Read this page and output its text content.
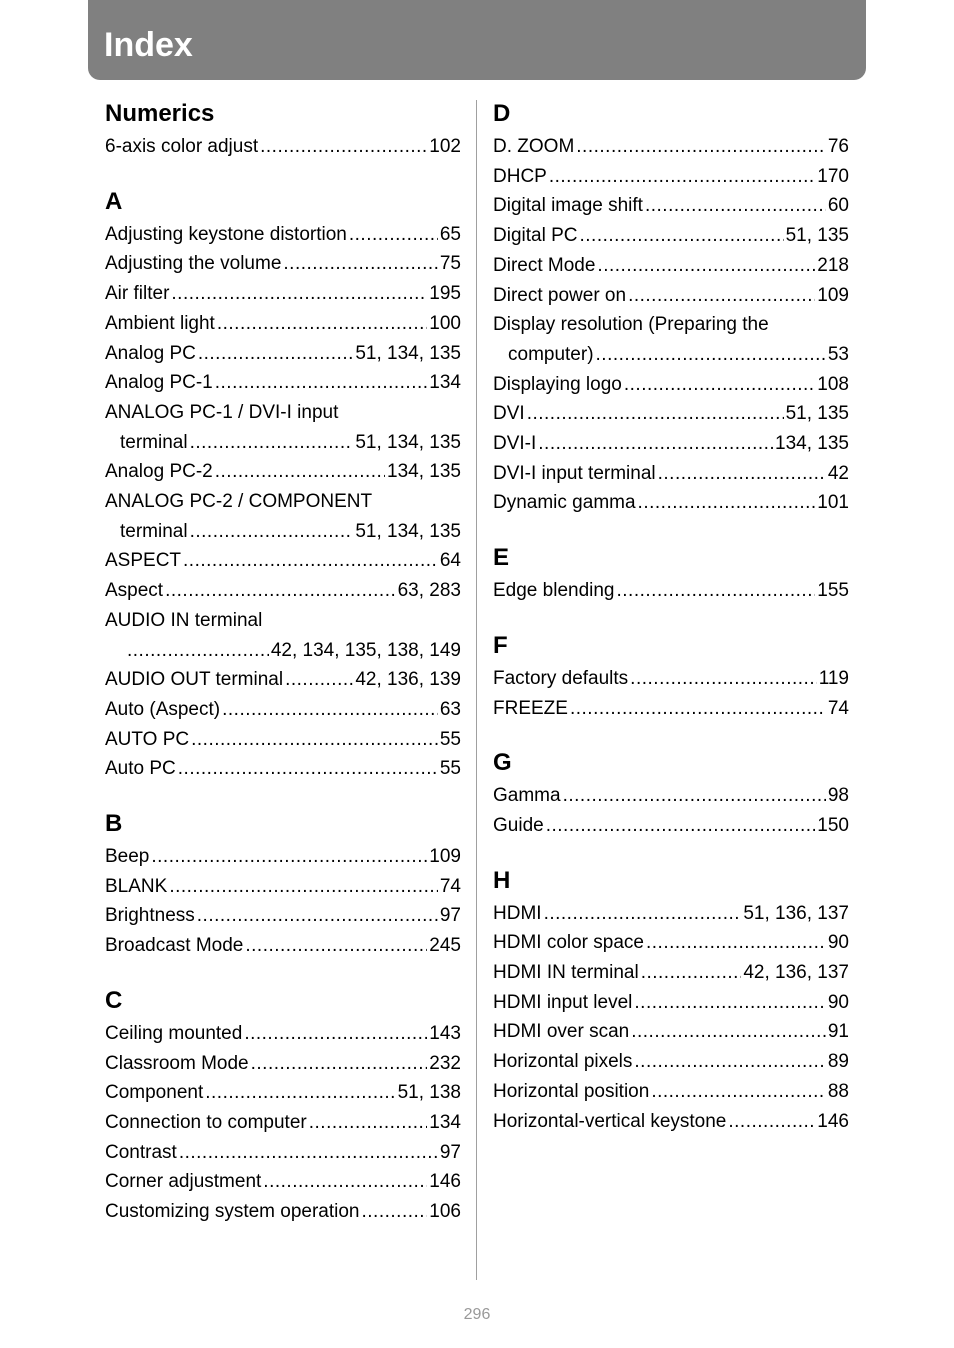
Index
Numerics
6-axis color adjust .....	102
A
Adjusting keystone distortion .....	65
Adjusting the volume .....	75
Air filter .....	195
Ambient light .....	100
Analog PC .....	51, 134, 135
Analog PC-1 .....	134
ANALOG PC-1 / DVI-I input
terminal .....	51, 134, 135
Analog PC-2 .....	134, 135
ANALOG PC-2 / COMPONENT
terminal .....	51, 134, 135
ASPECT .....	64
Aspect .....	63, 283
AUDIO IN terminal
.....
42, 134, 135, 138, 149
AUDIO OUT terminal .....	42, 136, 139
Auto (Aspect) .....	63
AUTO PC .....	55
Auto PC .....	55
B
Beep .....	109
BLANK .....	74
Brightness .....	97
Broadcast Mode .....	245
C
Ceiling mounted .....	143
Classroom Mode .....	232
Component .....	51, 138
Connection to computer .....	134
Contrast .....	97
Corner adjustment .....	146
Customizing system operation .....	106
D
D. ZOOM .....	76
DHCP .....	170
Digital image shift .....	60
Digital PC .....	51, 135
Direct Mode .....	218
Direct power on .....	109
Display resolution (Preparing the
computer) .....	53
Displaying logo .....	108
DVI .....	51, 135
DVI-I .....	134, 135
DVI-I input terminal .....	42
Dynamic gamma .....	101
E
Edge blending .....	155
F
Factory defaults .....	119
FREEZE .....	74
G
Gamma .....	98
Guide .....	150
H
HDMI .....	51, 136, 137
HDMI color space .....	90
HDMI IN terminal .....	42, 136, 137
HDMI input level .....	90
HDMI over scan .....	91
Horizontal pixels .....	89
Horizontal position .....	88
Horizontal-vertical keystone .....	146
296
